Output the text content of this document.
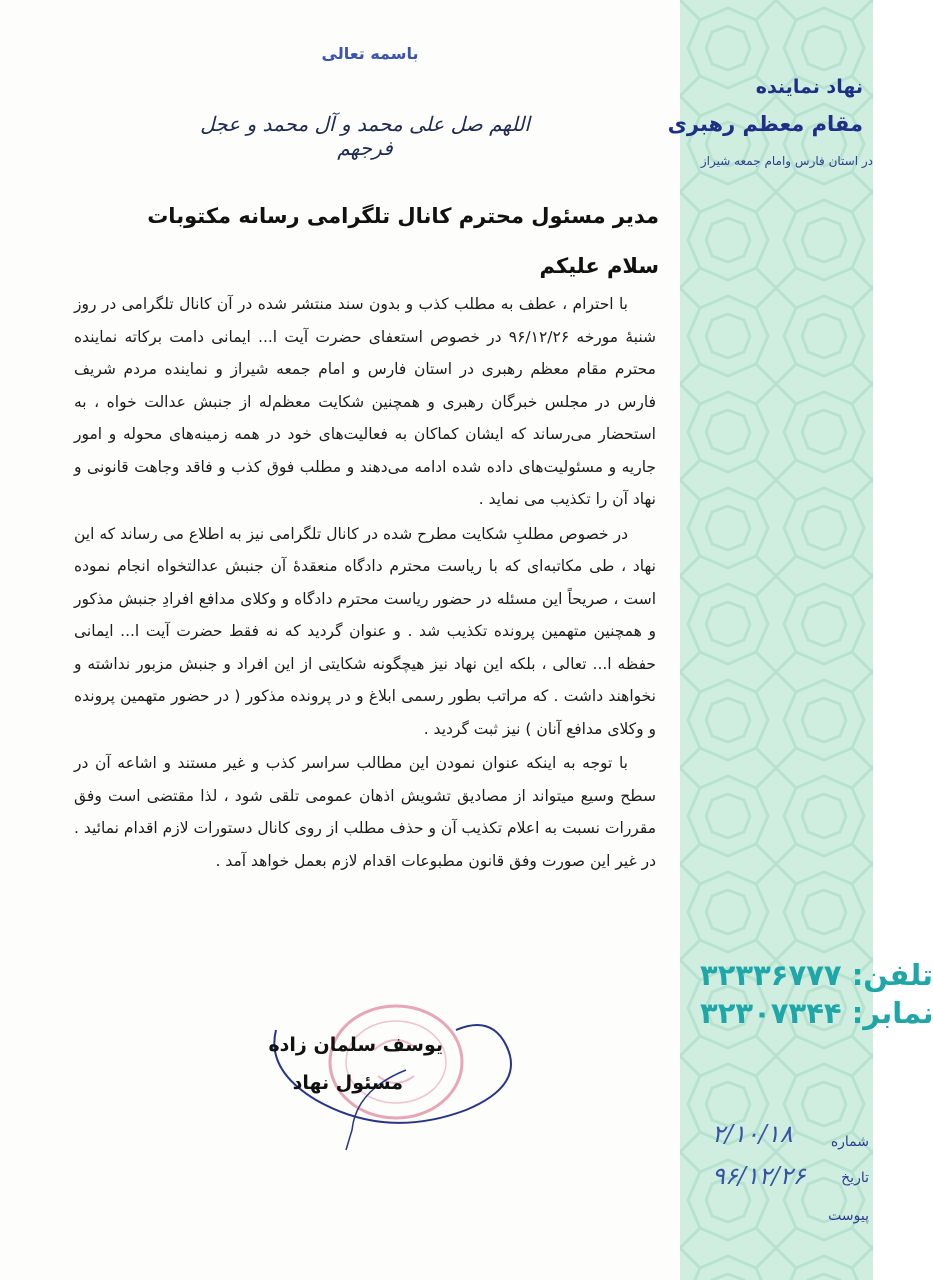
نهاد نماینده
مقام معظم رهبری
در استان فارس وامام جمعه شیراز
تلفن: ۳۲۳۳۶۷۷۷
نمابر: ۳۲۳۰۷۳۴۴
شماره
تاریخ
پیوست
۲/۱۰/۱۸
۹۶/۱۲/۲۶
باسمه تعالی
اللهم صل علی محمد و آل محمد و عجل فرجهم
مدیر مسئول محترم کانال تلگرامی رسانه مکتوبات
سلام علیکم

با احترام ، عطف به مطلب کذب و بدون سند منتشر شده در آن کانال تلگرامی در روز شنبهٔ مورخه ۹۶/۱۲/۲۶ در خصوص استعفای حضرت آیت ا... ایمانی دامت برکاته نماینده محترم مقام معظم رهبری در استان فارس و امام جمعه شیراز و نماینده مردم شریف فارس در مجلس خبرگان رهبری و همچنین شکایت معظم‌له از جنبش عدالت خواه ، به استحضار می‌رساند که ایشان کماکان به فعالیت‌های خود در همه زمینه‌های محوله و امور جاریه و مسئولیت‌های داده شده ادامه می‌دهند و مطلب فوق کذب و فاقد وجاهت قانونی و نهاد آن را تکذیب می نماید .

در خصوص مطلبِ شکایت مطرح شده در کانال تلگرامی نیز به اطلاع می رساند که این نهاد ، طی مکاتبه‌ای که با ریاست محترم دادگاه منعقدهٔ آن جنبش عدالتخواه انجام نموده است ، صریحاً این مسئله در حضور ریاست محترم دادگاه و وکلای مدافع افرادِ جنبش مذکور و همچنین متهمین پرونده تکذیب شد . و عنوان گردید که نه فقط حضرت آیت ا... ایمانی حفظه ا... تعالی ، بلکه این نهاد نیز هیچگونه شکایتی از این افراد و جنبش مزبور نداشته و نخواهند داشت . که مراتب بطور رسمی ابلاغ و در پرونده مذکور ( در حضور متهمین پرونده و وکلای مدافع آنان ) نیز ثبت گردید .

با توجه به اینکه عنوان نمودن این مطالب سراسر کذب و غیر مستند و اشاعه آن در سطح وسیع میتواند از مصادیق تشویش اذهان عمومی تلقی شود ، لذا مقتضی است وفق مقررات نسبت به اعلام تکذیب آن و حذف مطلب از روی کانال دستورات لازم اقدام نمائید . در غیر این صورت وفق قانون مطبوعات اقدام لازم بعمل خواهد آمد .

یوسف سلمان زاده
مسئول نهاد
